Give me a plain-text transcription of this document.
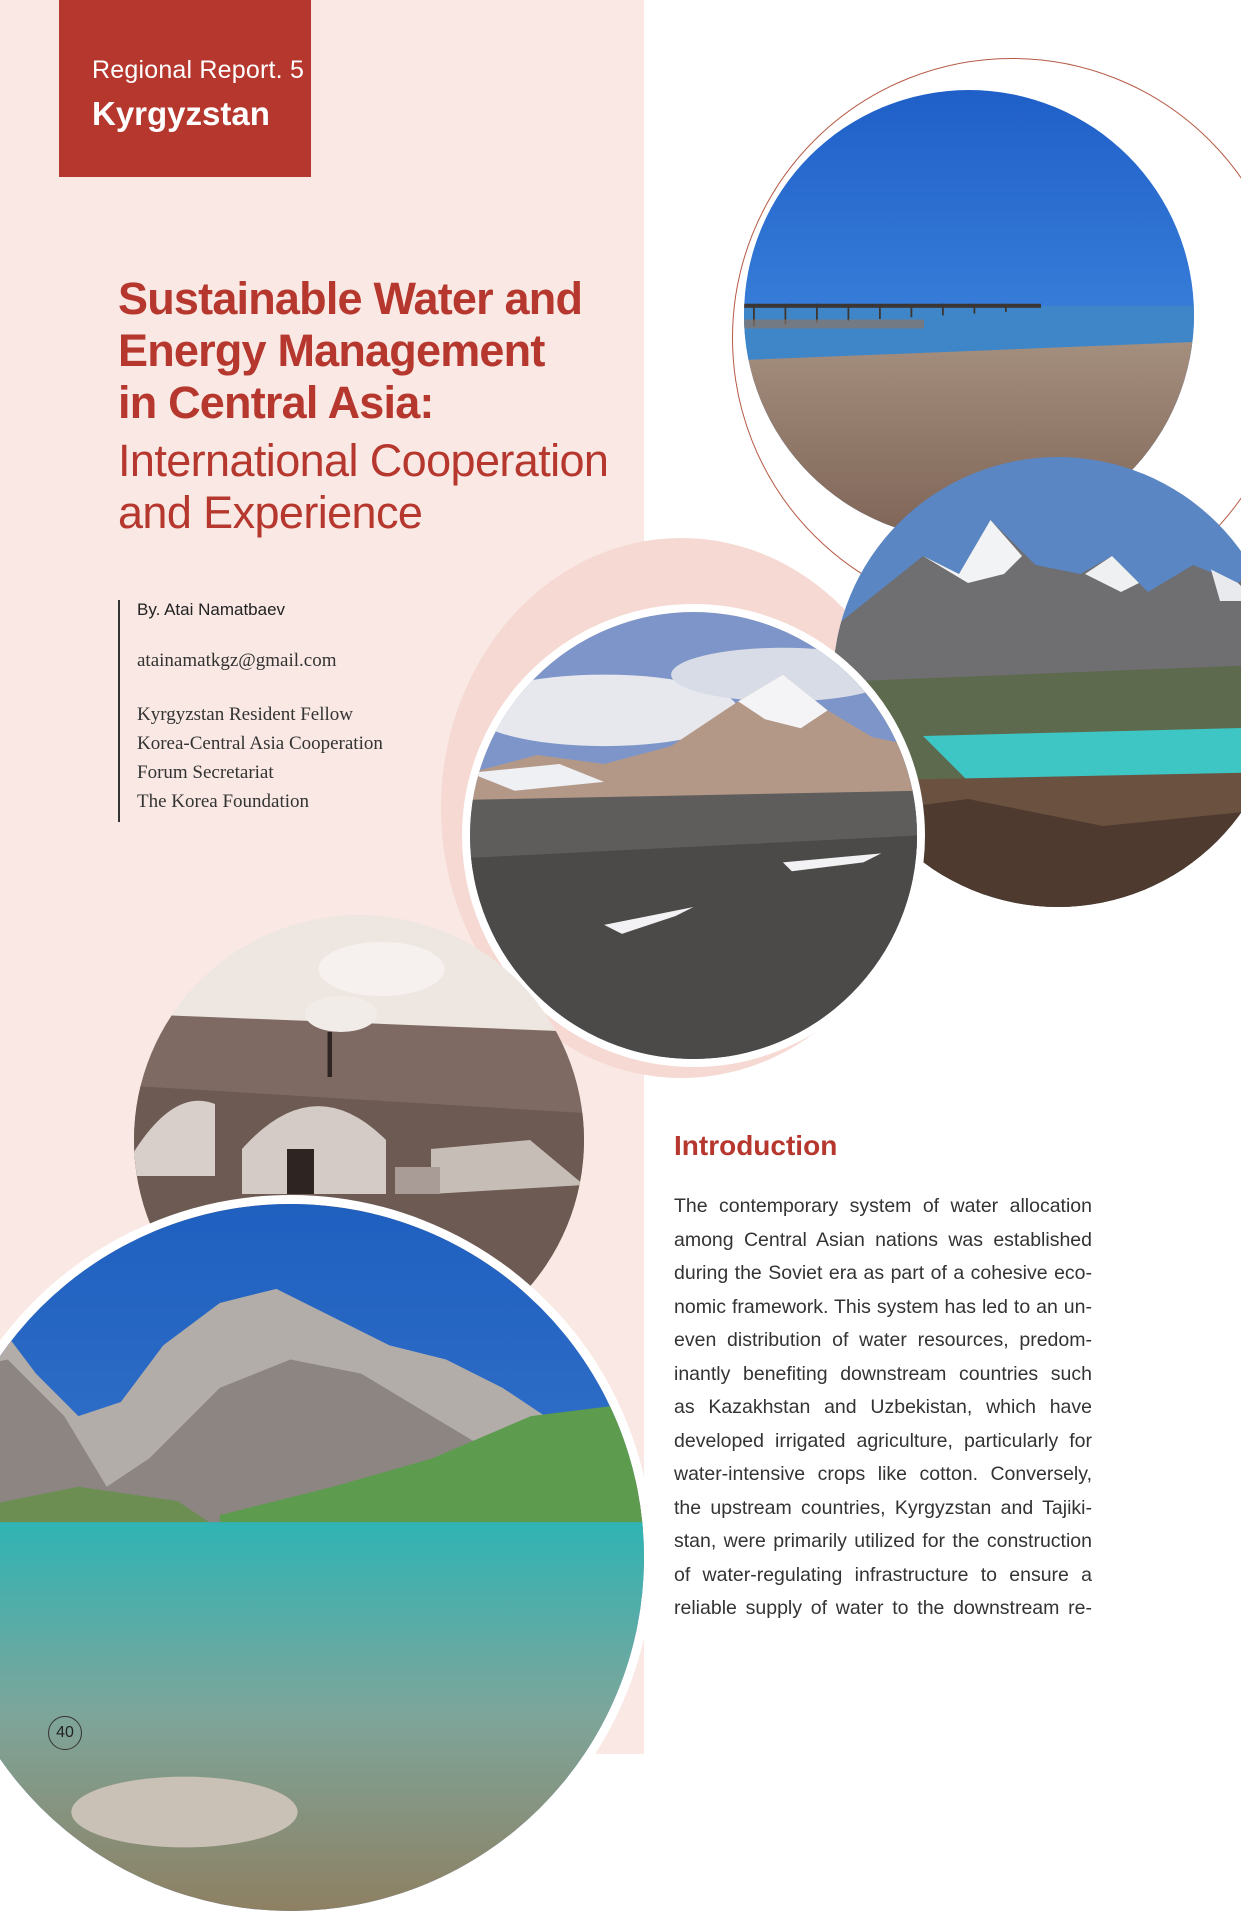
Regional Report. 5
Kyrgyzstan
Sustainable Water and
Energy Management
in Central Asia:
International Cooperation
and Experience
By. Atai Namatbaev
atainamatkgz@gmail.com
Kyrgyzstan Resident Fellow
Korea-Central Asia Cooperation
Forum Secretariat
The Korea Foundation
Introduction
The contemporary system of water allocation
among Central Asian nations was established
during the Soviet era as part of a cohesive eco-
nomic framework. This system has led to an un-
even distribution of water resources, predom-
inantly benefiting downstream countries such
as Kazakhstan and Uzbekistan, which have
developed irrigated agriculture, particularly for
water-intensive crops like cotton. Conversely,
the upstream countries, Kyrgyzstan and Tajiki-
stan, were primarily utilized for the construction
of water-regulating infrastructure to ensure a
reliable supply of water to the downstream re-
40
